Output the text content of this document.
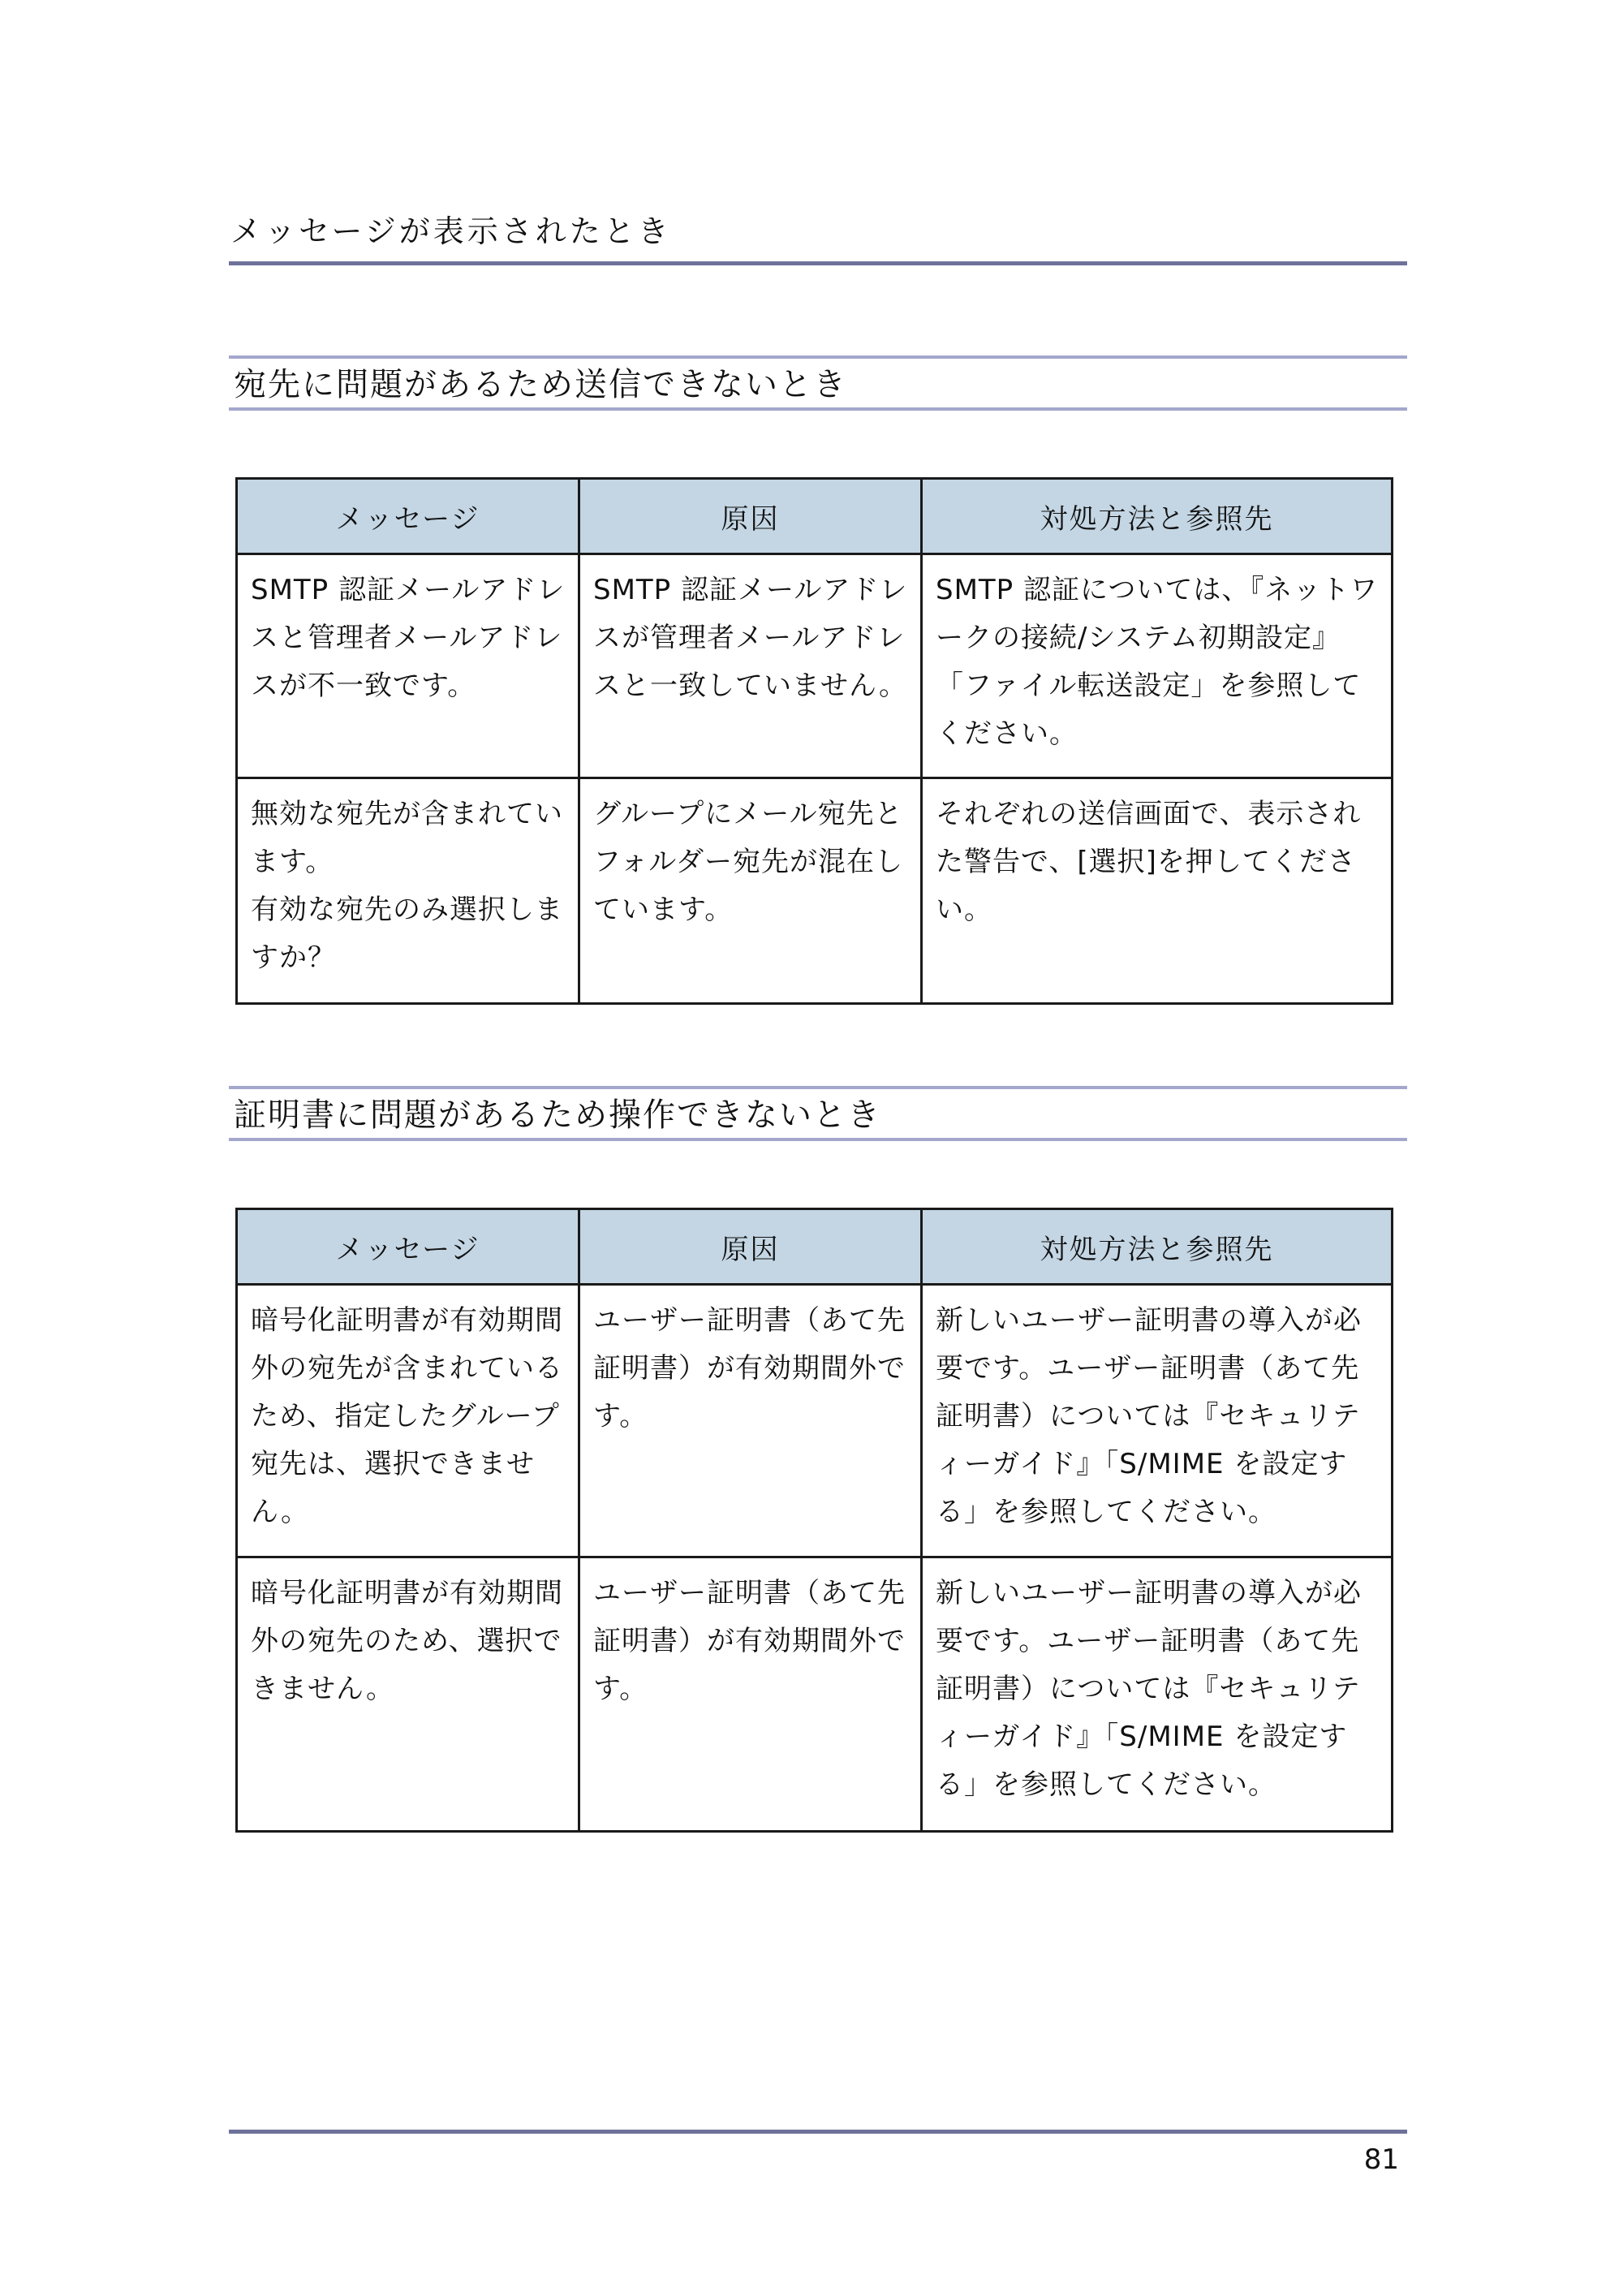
メッセージが表示されたとき
宛先に問題があるため送信できないとき
メッセージ	原因	対処方法と参照先
SMTP 認証メールアドレスと管理者メールアドレスが不一致です。	SMTP 認証メールアドレスが管理者メールアドレスと一致していません。	SMTP 認証については、『ネットワークの接続/システム初期設定』「ファイル転送設定」を参照してください。
無効な宛先が含まれています。
有効な宛先のみ選択しますか？	グループにメール宛先とフォルダー宛先が混在しています。	それぞれの送信画面で、表示された警告で、[選択]を押してください。
証明書に問題があるため操作できないとき
メッセージ	原因	対処方法と参照先
暗号化証明書が有効期間外の宛先が含まれているため、指定したグループ宛先は、選択できません。	ユーザー証明書（あて先証明書）が有効期間外です。	新しいユーザー証明書の導入が必要です。ユーザー証明書（あて先証明書）については『セキュリティーガイド』「S/MIME を設定する」を参照してください。
暗号化証明書が有効期間外の宛先のため、選択できません。	ユーザー証明書（あて先証明書）が有効期間外です。	新しいユーザー証明書の導入が必要です。ユーザー証明書（あて先証明書）については『セキュリティーガイド』「S/MIME を設定する」を参照してください。
81
